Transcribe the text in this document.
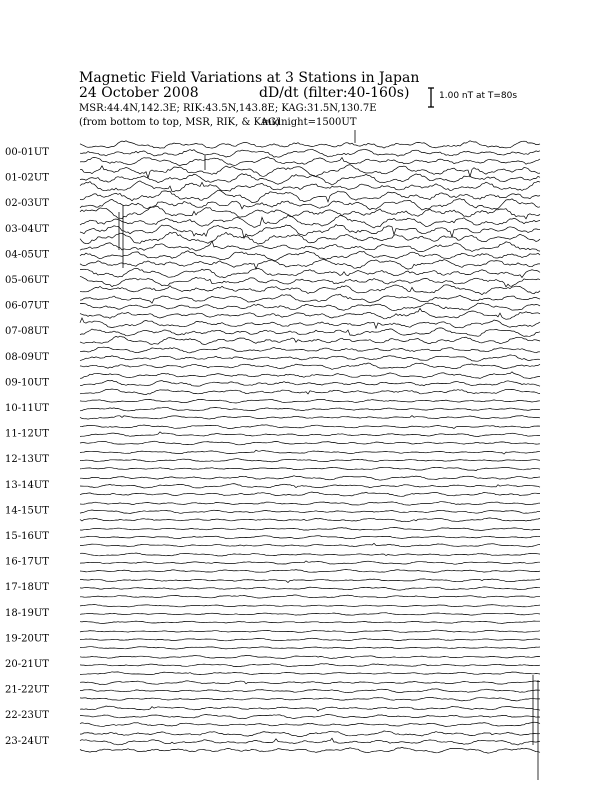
Magnetic Field Variations at 3 Stations in Japan
24 October 2008	dD/dt (filter:40-160s)
MSR:44.4N,142.3E; RIK:43.5N,143.8E; KAG:31.5N,130.7E
(from bottom to top, MSR, RIK, & KAG)
midnight=1500UT
1.00 nT at T=80s
00-01UT
01-02UT
02-03UT
03-04UT
04-05UT
05-06UT
06-07UT
07-08UT
08-09UT
09-10UT
10-11UT
11-12UT
12-13UT
13-14UT
14-15UT
15-16UT
16-17UT
17-18UT
18-19UT
19-20UT
20-21UT
21-22UT
22-23UT
23-24UT
